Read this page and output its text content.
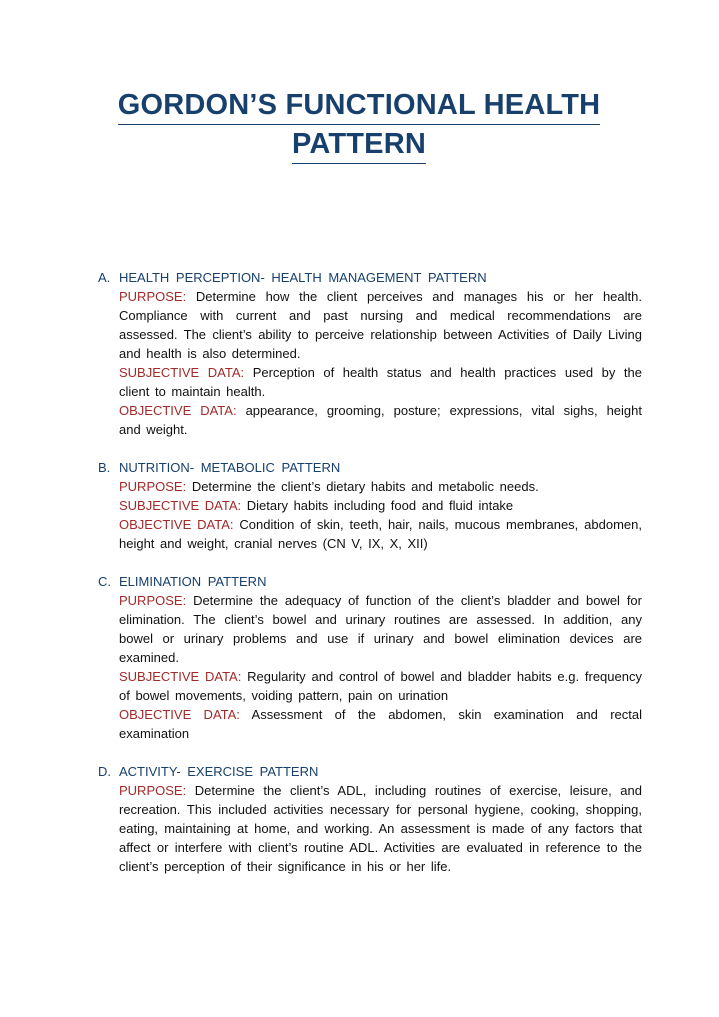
GORDON’S FUNCTIONAL HEALTH
PATTERN
A. HEALTH PERCEPTION- HEALTH MANAGEMENT PATTERN
PURPOSE: Determine how the client perceives and manages his or her health. Compliance with current and past nursing and medical recommendations are assessed. The client’s ability to perceive relationship between Activities of Daily Living and health is also determined.
SUBJECTIVE DATA: Perception of health status and health practices used by the client to maintain health.
OBJECTIVE DATA: appearance, grooming, posture; expressions, vital sighs, height and weight.
B. NUTRITION- METABOLIC PATTERN
PURPOSE: Determine the client’s dietary habits and metabolic needs.
SUBJECTIVE DATA: Dietary habits including food and fluid intake
OBJECTIVE DATA: Condition of skin, teeth, hair, nails, mucous membranes, abdomen, height and weight, cranial nerves (CN V, IX, X, XII)
C. ELIMINATION PATTERN
PURPOSE: Determine the adequacy of function of the client’s bladder and bowel for elimination. The client’s bowel and urinary routines are assessed. In addition, any bowel or urinary problems and use if urinary and bowel elimination devices are examined.
SUBJECTIVE DATA: Regularity and control of bowel and bladder habits e.g. frequency of bowel movements, voiding pattern, pain on urination
OBJECTIVE DATA: Assessment of the abdomen, skin examination and rectal examination
D. ACTIVITY- EXERCISE PATTERN
PURPOSE: Determine the client’s ADL, including routines of exercise, leisure, and recreation. This included activities necessary for personal hygiene, cooking, shopping, eating, maintaining at home, and working. An assessment is made of any factors that affect or interfere with client’s routine ADL. Activities are evaluated in reference to the client’s perception of their significance in his or her life.
